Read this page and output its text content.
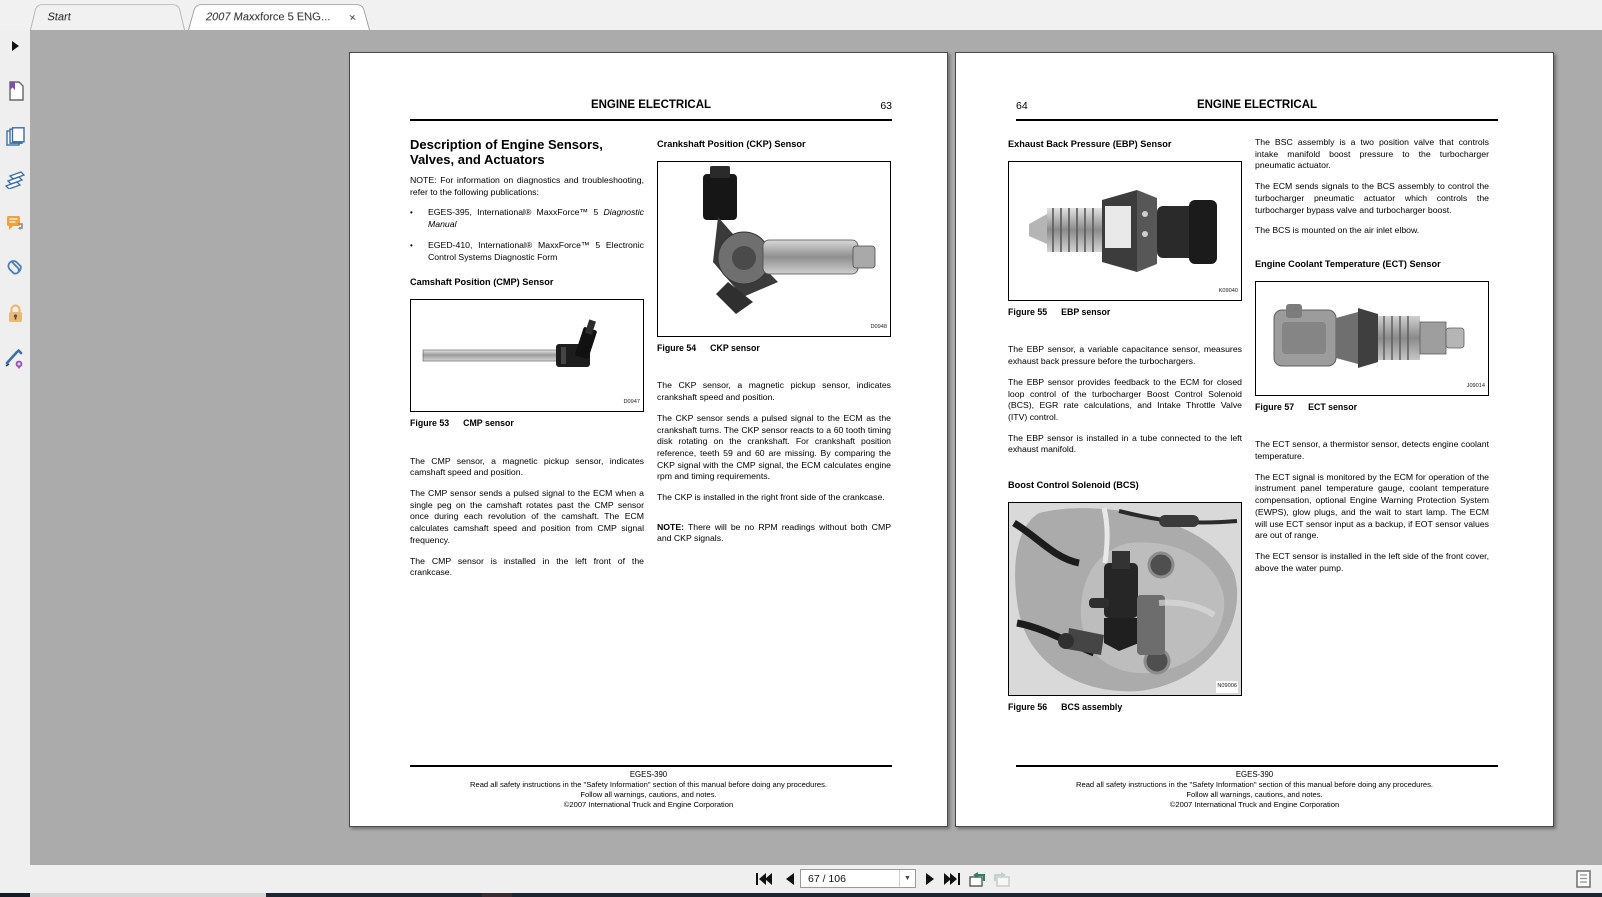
Start	2007 Maxxforce 5 ENG... ×
ENGINE ELECTRICAL	63
Description of Engine Sensors, Valves, and Actuators

NOTE: For information on diagnostics and troubleshooting, refer to the following publications:

•	EGES-395, International® MaxxForce™ 5 Diagnostic Manual
•	EGED-410, International® MaxxForce™ 5 Electronic Control Systems Diagnostic Form
Camshaft Position (CMP) Sensor
D0947
Figure 53 CMP sensor

The CMP sensor, a magnetic pickup sensor, indicates camshaft speed and position.

The CMP sensor sends a pulsed signal to the ECM when a single peg on the camshaft rotates past the CMP sensor once during each revolution of the camshaft. The ECM calculates camshaft speed and position from CMP signal frequency.

The CMP sensor is installed in the left front of the crankcase.

Crankshaft Position (CKP) Sensor
D0948
Figure 54 CKP sensor

The CKP sensor, a magnetic pickup sensor, indicates crankshaft speed and position.

The CKP sensor sends a pulsed signal to the ECM as the crankshaft turns. The CKP sensor reacts to a 60 tooth timing disk rotating on the crankshaft. For crankshaft position reference, teeth 59 and 60 are missing. By comparing the CKP signal with the CMP signal, the ECM calculates engine rpm and timing requirements.

The CKP is installed in the right front side of the crankcase.

NOTE: There will be no RPM readings without both CMP and CKP signals.

EGES-390
Read all safety instructions in the "Safety Information" section of this manual before doing any procedures.
Follow all warnings, cautions, and notes.
©2007 International Truck and Engine Corporation
ENGINE ELECTRICAL
64
Exhaust Back Pressure (EBP) Sensor
K09040
Figure 55 EBP sensor

The EBP sensor, a variable capacitance sensor, measures exhaust back pressure before the turbochargers.

The EBP sensor provides feedback to the ECM for closed loop control of the turbocharger Boost Control Solenoid (BCS), EGR rate calculations, and Intake Throttle Valve (ITV) control.

The EBP sensor is installed in a tube connected to the left exhaust manifold.

Boost Control Solenoid (BCS)
N09006
Figure 56 BCS assembly

The BSC assembly is a two position valve that controls intake manifold boost pressure to the turbocharger pneumatic actuator.

The ECM sends signals to the BCS assembly to control the turbocharger pneumatic actuator which controls the turbocharger bypass valve and turbocharger boost.

The BCS is mounted on the air inlet elbow.

Engine Coolant Temperature (ECT) Sensor
J09014
Figure 57 ECT sensor

The ECT sensor, a thermistor sensor, detects engine coolant temperature.

The ECT signal is monitored by the ECM for operation of the instrument panel temperature gauge, coolant temperature compensation, optional Engine Warning Protection System (EWPS), glow plugs, and the wait to start lamp. The ECM will use ECT sensor input as a backup, if EOT sensor values are out of range.

The ECT sensor is installed in the left side of the front cover, above the water pump.

EGES-390
Read all safety instructions in the "Safety Information" section of this manual before doing any procedures.
Follow all warnings, cautions, and notes.
©2007 International Truck and Engine Corporation
67 / 106	▼
